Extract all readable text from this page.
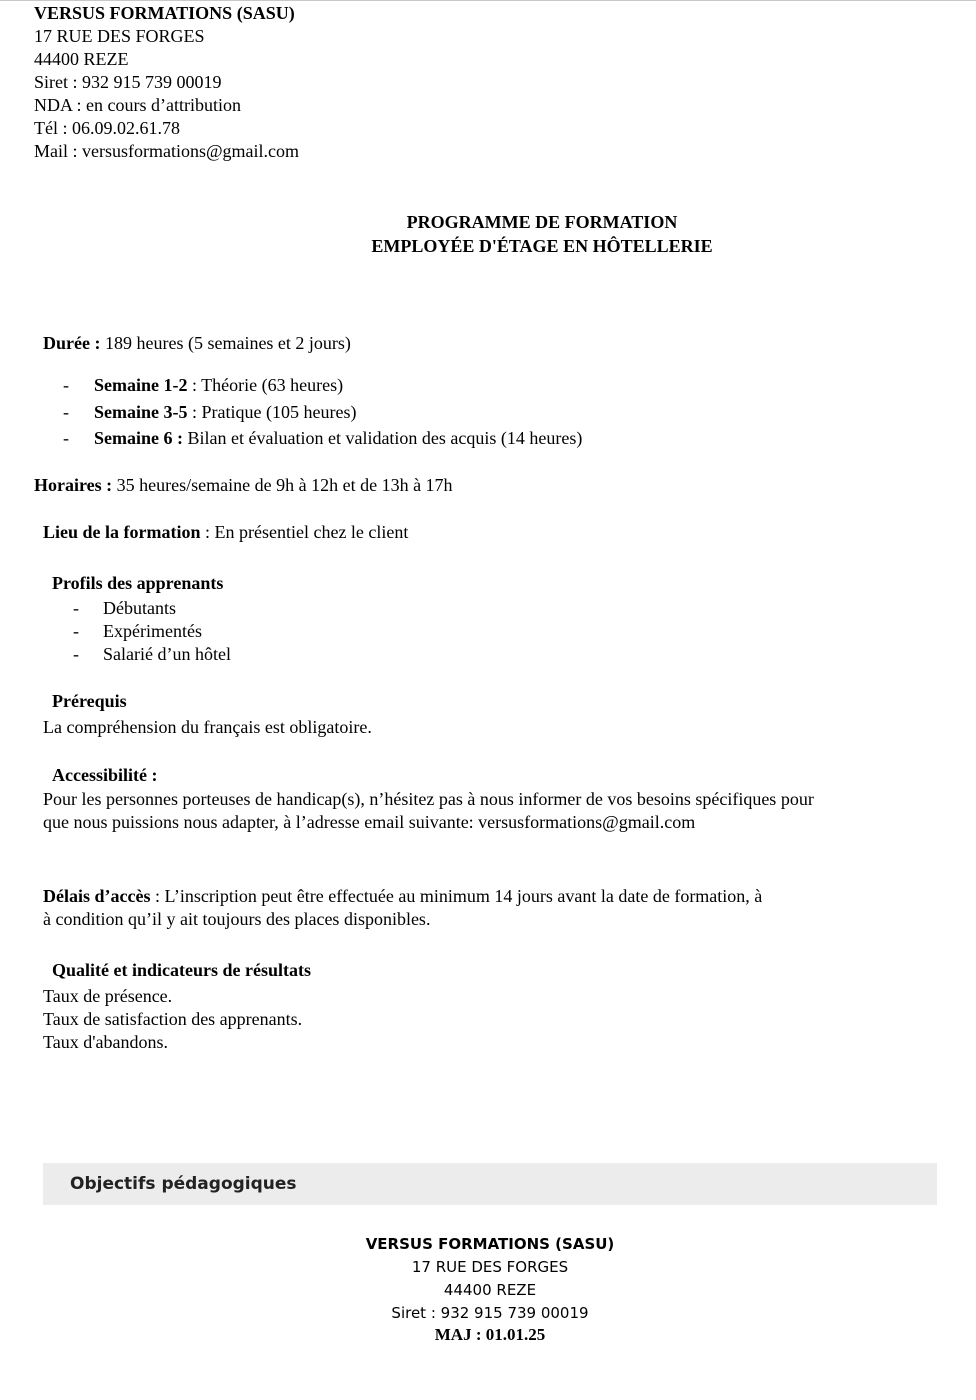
VERSUS FORMATIONS (SASU)
17 RUE DES FORGES
44400 REZE
Siret : 932 915 739 00019
NDA : en cours d’attribution
Tél : 06.09.02.61.78
Mail : versusformations@gmail.com
PROGRAMME DE FORMATION
EMPLOYÉE D'ÉTAGE EN HÔTELLERIE
Durée : 189 heures (5 semaines et 2 jours)
- Semaine 1-2 : Théorie (63 heures)
- Semaine 3-5 : Pratique (105 heures)
- Semaine 6 : Bilan et évaluation et validation des acquis (14 heures)
Horaires : 35 heures/semaine de 9h à 12h et de 13h à 17h
Lieu de la formation : En présentiel chez le client
Profils des apprenants
- Débutants
- Expérimentés
- Salarié d’un hôtel
Prérequis
La compréhension du français est obligatoire.
Accessibilité :
Pour les personnes porteuses de handicap(s), n’hésitez pas à nous informer de vos besoins spécifiques pour
que nous puissions nous adapter, à l’adresse email suivante: versusformations@gmail.com
Délais d’accès : L’inscription peut être effectuée au minimum 14 jours avant la date de formation, à
à condition qu’il y ait toujours des places disponibles.
Qualité et indicateurs de résultats
Taux de présence.
Taux de satisfaction des apprenants.
Taux d'abandons.
Objectifs pédagogiques
VERSUS FORMATIONS (SASU)
17 RUE DES FORGES
44400 REZE
Siret : 932 915 739 00019
MAJ : 01.01.25
